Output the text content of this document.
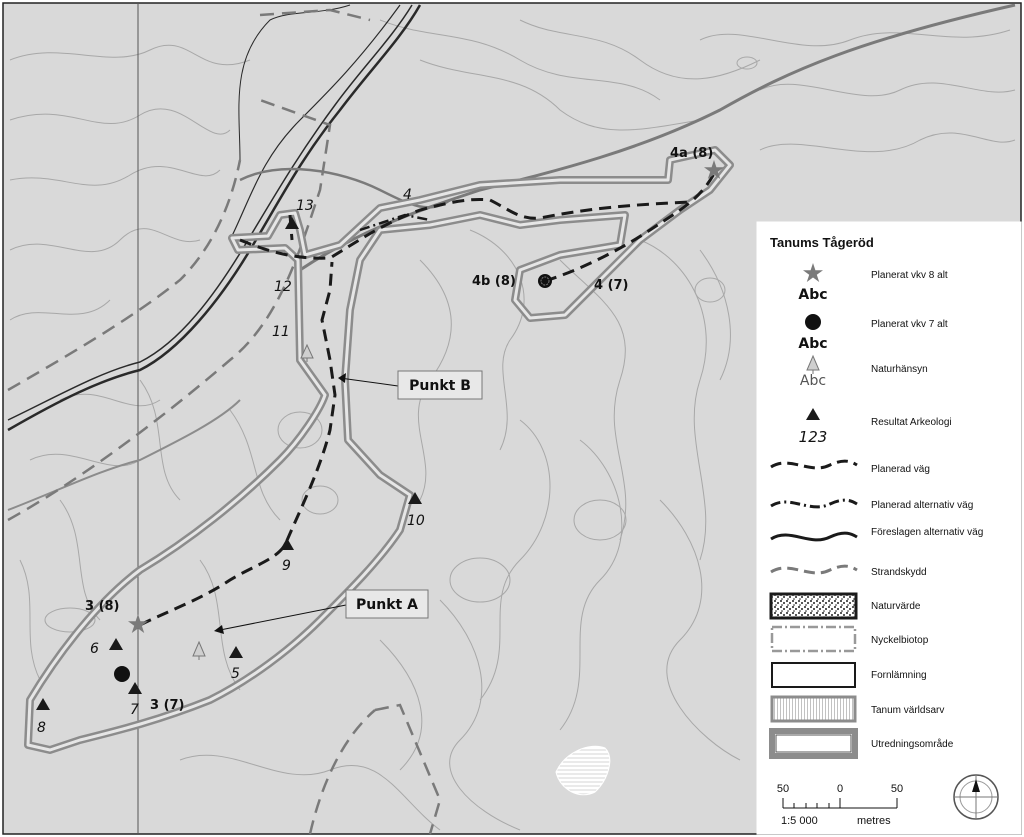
4a (8)
4b (8)	4 (7)
4
3 (8)
3 (7)
13
12
11
10
9
8
7
6
5
Punkt B
Punkt A
Tanums Tågeröd
Abc
Planerat vkv 8 alt
Abc
Planerat vkv 7 alt
Abc
Naturhänsyn
123
Resultat Arkeologi
Planerad väg
Planerad alternativ väg
Föreslagen alternativ väg
Strandskydd
Naturvärde
Nyckelbiotop
Fornlämning
Tanum världsarv
Utredningsområde
50	0	50
1:5 000	metres
